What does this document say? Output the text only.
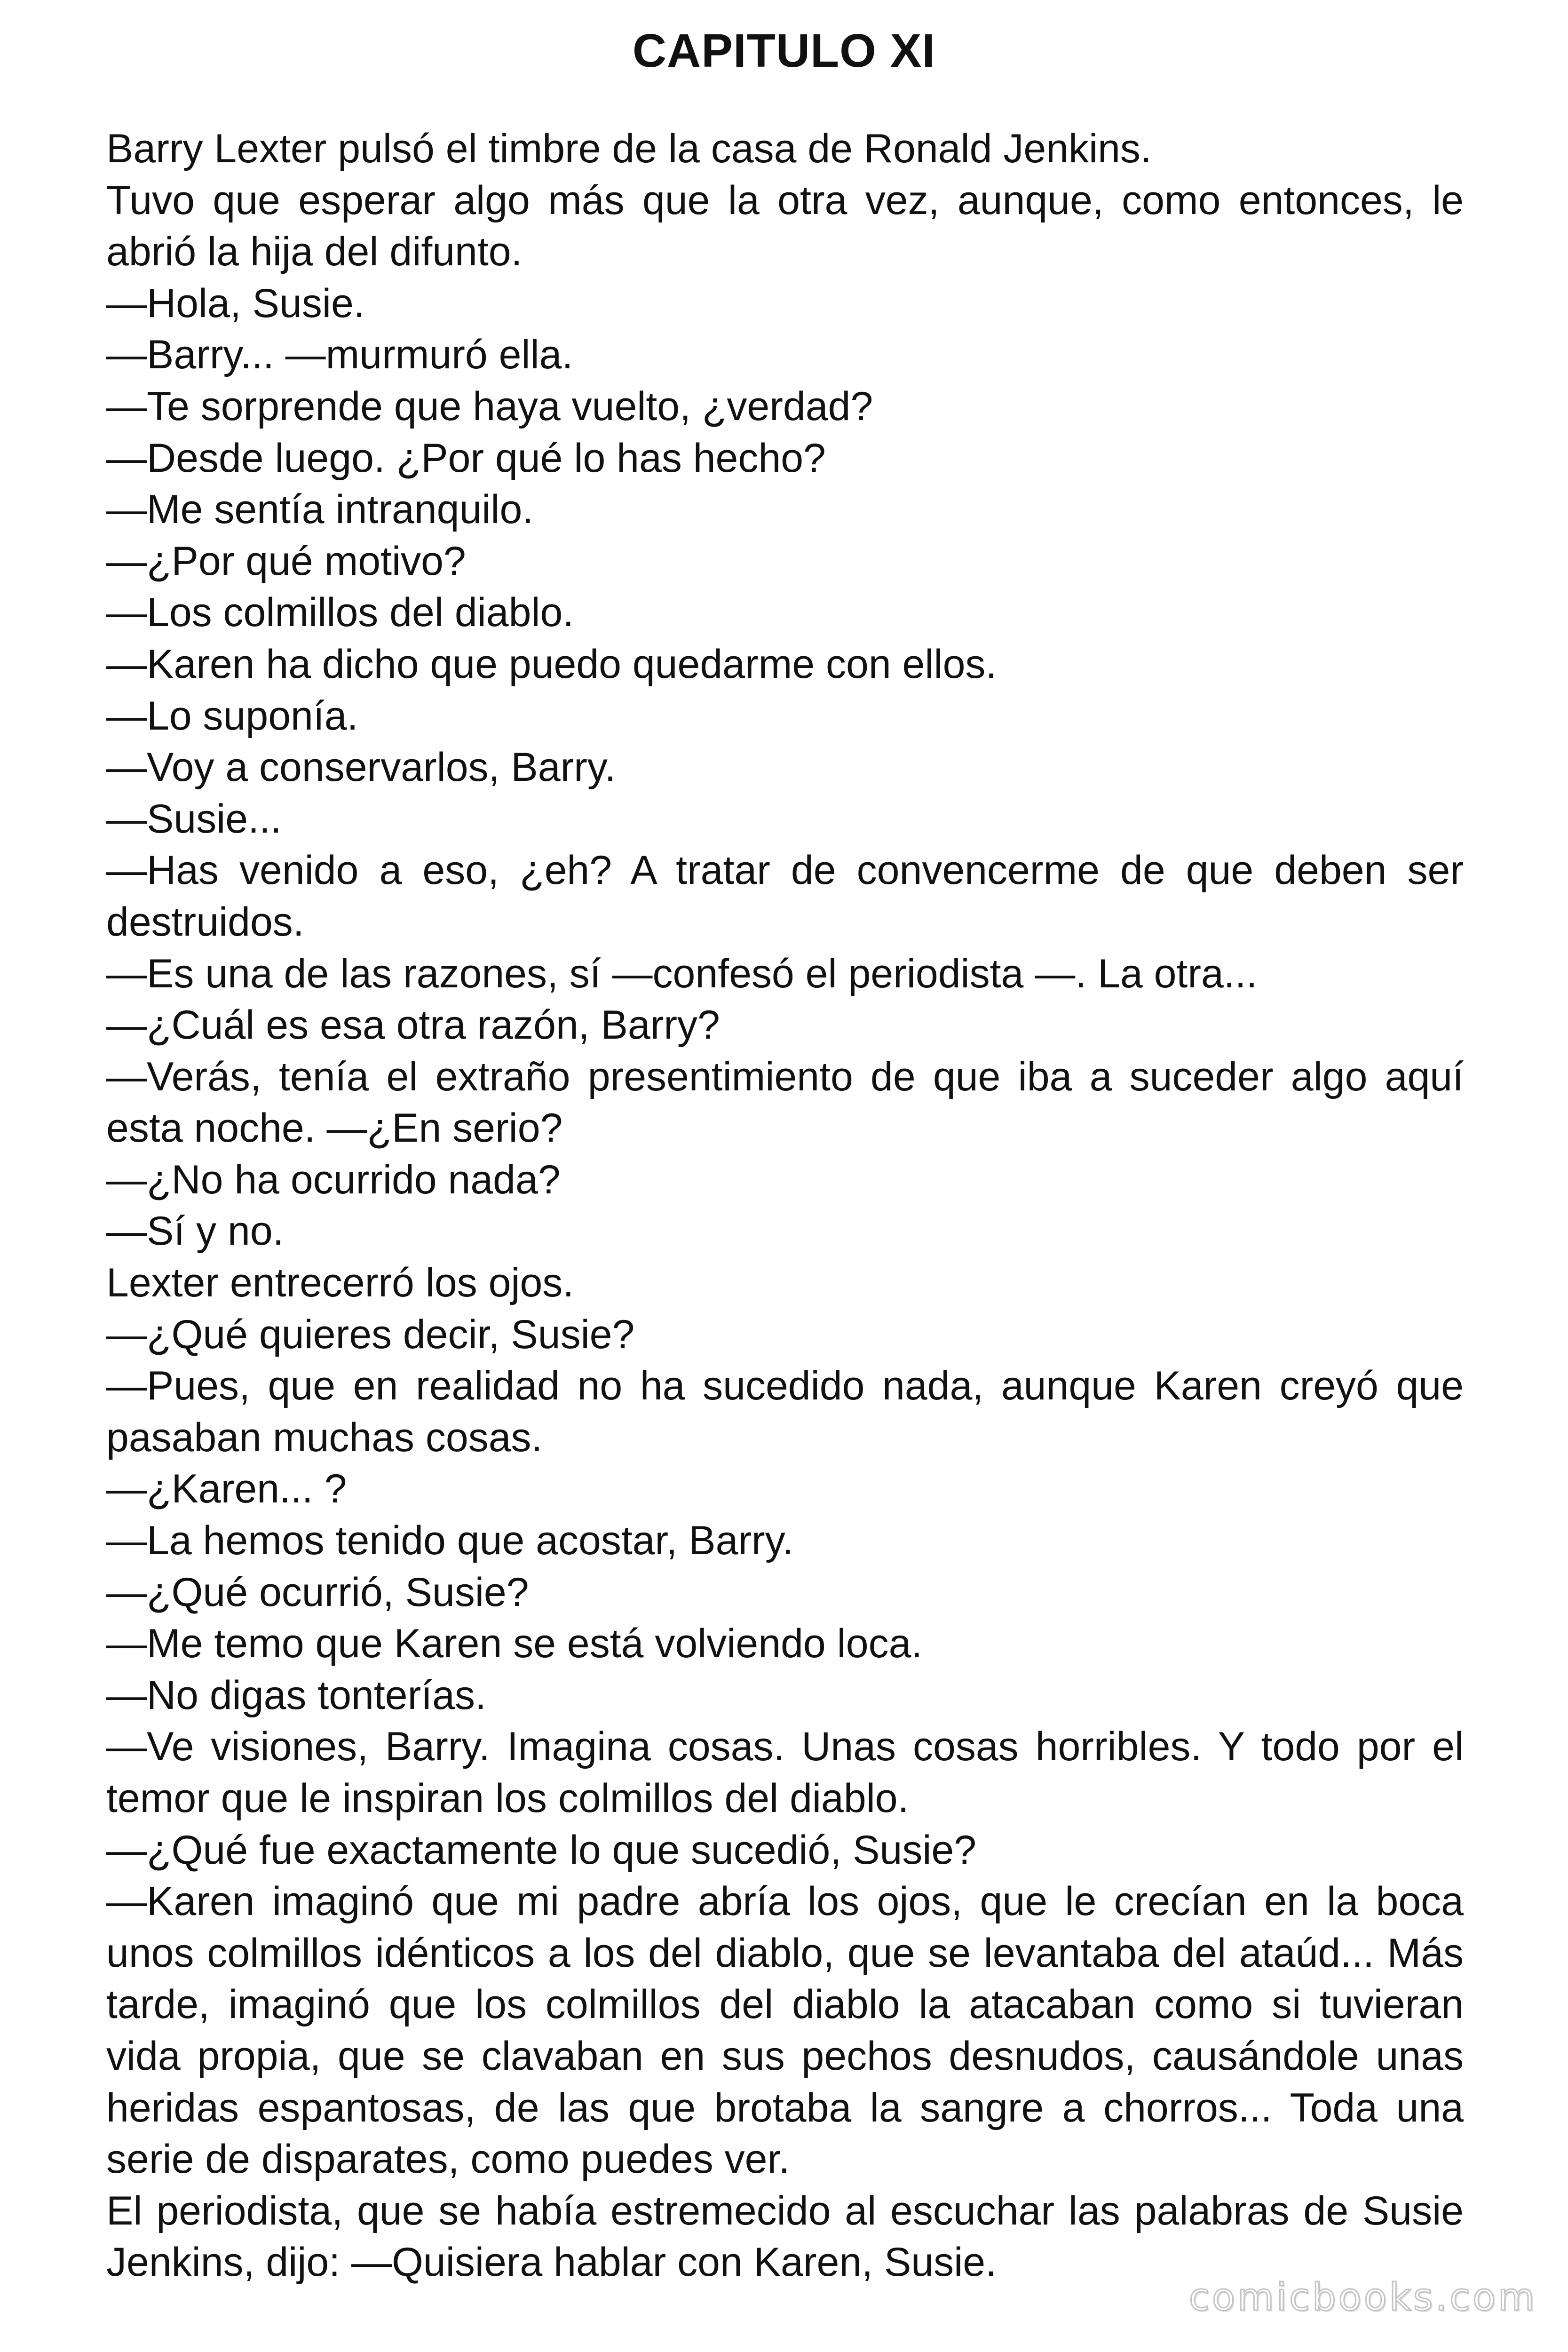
CAPITULO XI

Barry Lexter pulsó el timbre de la casa de Ronald Jenkins.

Tuvo que esperar algo más que la otra vez, aunque, como entonces, le abrió la hija del difunto.

—Hola, Susie.

—Barry... —murmuró ella.

—Te sorprende que haya vuelto, ¿verdad?

—Desde luego. ¿Por qué lo has hecho?

—Me sentía intranquilo.

—¿Por qué motivo?

—Los colmillos del diablo.

—Karen ha dicho que puedo quedarme con ellos.

—Lo suponía.

—Voy a conservarlos, Barry.

—Susie...

—Has venido a eso, ¿eh? A tratar de convencerme de que deben ser destruidos.

—Es una de las razones, sí —confesó el periodista —. La otra...

—¿Cuál es esa otra razón, Barry?

—Verás, tenía el extraño presentimiento de que iba a suceder algo aquí esta noche. —¿En serio?

—¿No ha ocurrido nada?

—Sí y no.

Lexter entrecerró los ojos.

—¿Qué quieres decir, Susie?

—Pues, que en realidad no ha sucedido nada, aunque Karen creyó que pasaban muchas cosas.

—¿Karen... ?

—La hemos tenido que acostar, Barry.

—¿Qué ocurrió, Susie?

—Me temo que Karen se está volviendo loca.

—No digas tonterías.

—Ve visiones, Barry. Imagina cosas. Unas cosas horribles. Y todo por el temor que le inspiran los colmillos del diablo.

—¿Qué fue exactamente lo que sucedió, Susie?

—Karen imaginó que mi padre abría los ojos, que le crecían en la boca unos colmillos idénticos a los del diablo, que se levantaba del ataúd... Más tarde, imaginó que los colmillos del diablo la atacaban como si tuvieran vida propia, que se clavaban en sus pechos desnudos, causándole unas heridas espantosas, de las que brotaba la sangre a chorros... Toda una serie de disparates, como puedes ver.

El periodista, que se había estremecido al escuchar las palabras de Susie Jenkins, dijo: —Quisiera hablar con Karen, Susie.

comicbooks.com
